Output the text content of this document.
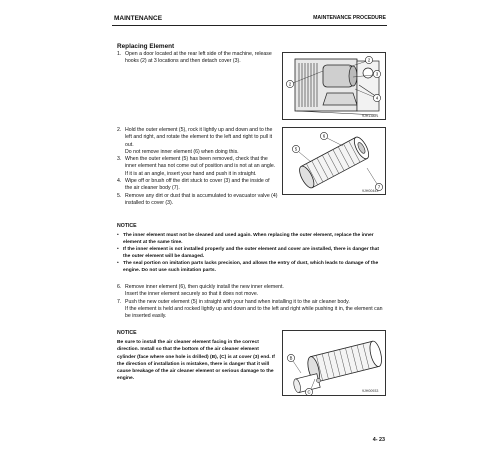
MAINTENANCE	MAINTENANCE PROCEDURE
Replacing Element
1. Open a door located at the rear left side of the machine, release hooks (2) at 3 locations and then detach cover (3).
2
2
3
4
9JH13821
2. Hold the outer element (5), rock it lightly up and down and to the left and right, and rotate the element to the left and right to pull it out.
Do not remove inner element (6) when doing this.
3. When the outer element (5) has been removed, check that the inner element has not come out of position and is not at an angle. If it is at an angle, insert your hand and push it in straight.
4. Wipe off or brush off the dirt stuck to cover (3) and the inside of the air cleaner body (7).
5. Remove any dirt or dust that is accumulated to evacuator valve (4) installed to cover (3).
5
6
7
9JH00443
NOTICE
• The inner element must not be cleaned and used again. When replacing the outer element, replace the inner element at the same time.
• If the inner element is not installed properly and the outer element and cover are installed, there is danger that the outer element will be damaged.
• The seal portion on imitation parts lacks precision, and allows the entry of dust, which leads to damage of the engine. Do not use such imitation parts.
6. Remove inner element (6), then quickly install the new inner element.
Insert the inner element securely so that it does not move.
7. Push the new outer element (5) in straight with your hand when installing it to the air cleaner body.
If the element is held and rocked lightly up and down and to the left and right while pushing it in, the element can be inserted easily.
NOTICE
Be sure to install the air cleaner element facing in the correct direction. Install so that the bottom of the air cleaner element cylinder (face where one hole is drilled) (B), (C) is at cover (3) end. If the direction of installation is mistaken, there is danger that it will cause breakage of the air cleaner element or serious damage to the engine.
B
C	9JH00933
4- 23
